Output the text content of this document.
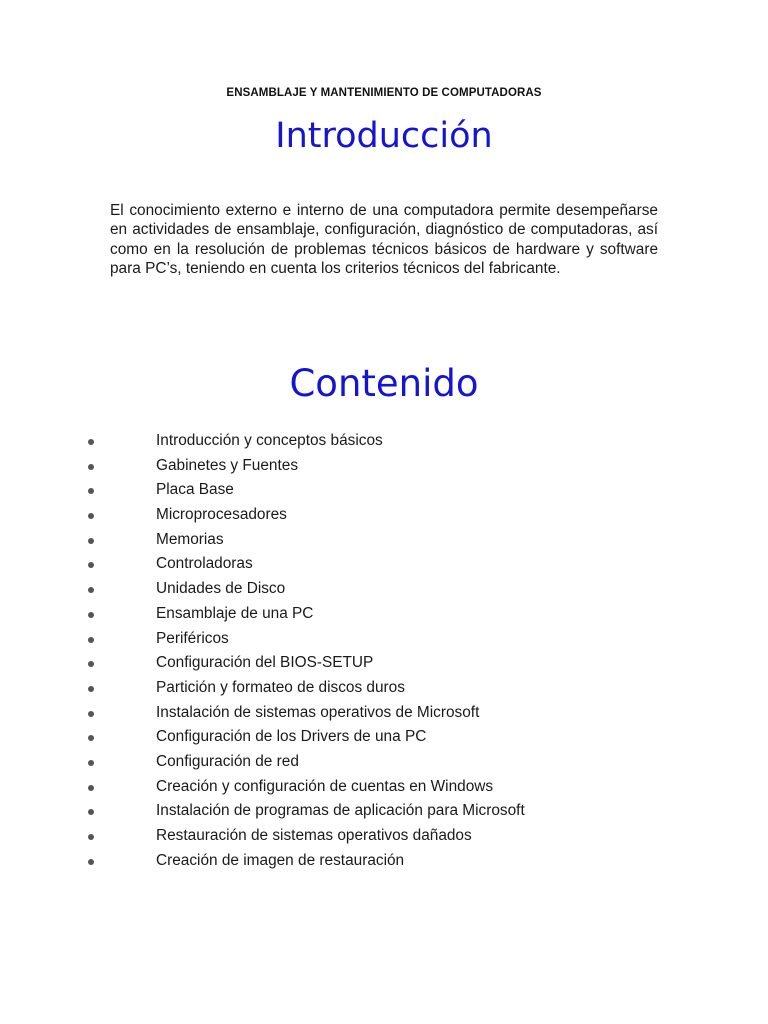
ENSAMBLAJE Y MANTENIMIENTO DE COMPUTADORAS
Introducción

El conocimiento externo e interno de una computadora permite desempeñarse en actividades de ensamblaje, configuración, diagnóstico de computadoras, así como en la resolución de problemas técnicos básicos de hardware y software para PC’s, teniendo en cuenta los criterios técnicos del fabricante.

Contenido
Introducción y conceptos básicos
Gabinetes y Fuentes
Placa Base
Microprocesadores
Memorias
Controladoras
Unidades de Disco
Ensamblaje de una PC
Periféricos
Configuración del BIOS-SETUP
Partición y formateo de discos duros
Instalación de sistemas operativos de Microsoft
Configuración de los Drivers de una PC
Configuración de red
Creación y configuración de cuentas en Windows
Instalación de programas de aplicación para Microsoft
Restauración de sistemas operativos dañados
Creación de imagen de restauración
